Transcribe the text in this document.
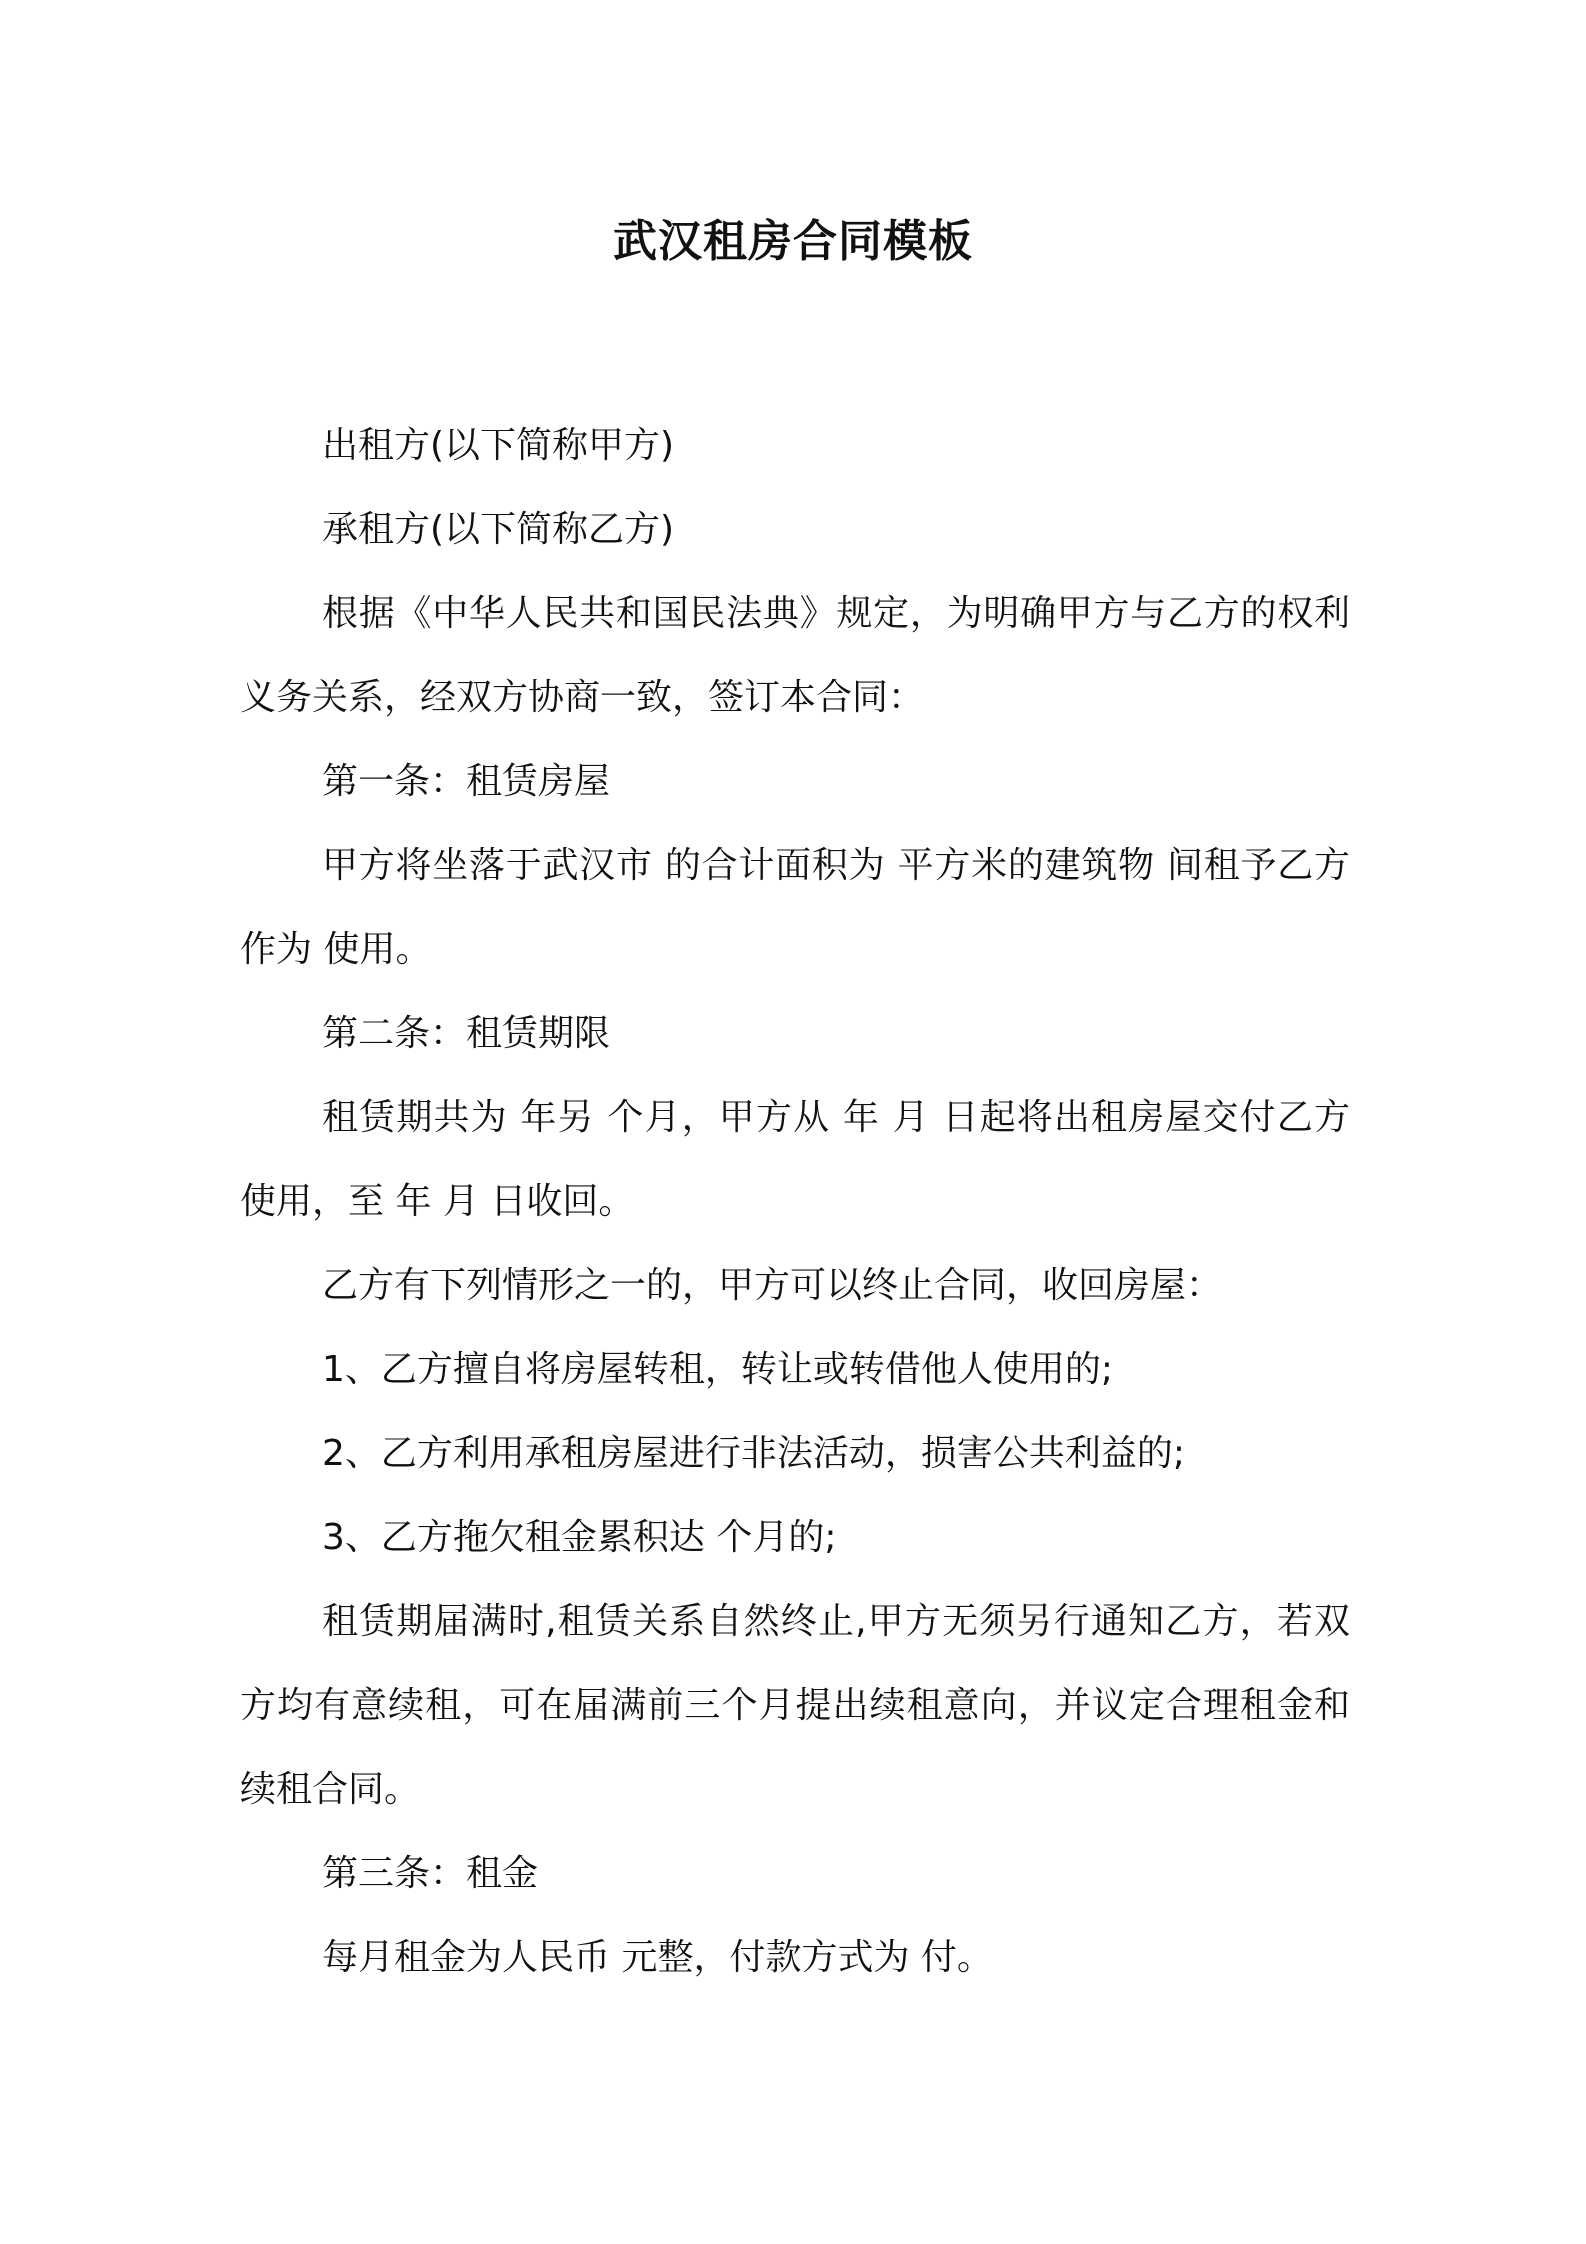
武汉租房合同模板

出租方(以下简称甲方)

承租方(以下简称乙方)

根据《中华人民共和国民法典》规定，为明确甲方与乙方的权利义务关系，经双方协商一致，签订本合同：

第一条：租赁房屋

甲方将坐落于武汉市 的合计面积为 平方米的建筑物 间租予乙方作为 使用。

第二条：租赁期限

租赁期共为 年另 个月，甲方从 年 月 日起将出租房屋交付乙方使用，至 年 月 日收回。

乙方有下列情形之一的，甲方可以终止合同，收回房屋：

1、乙方擅自将房屋转租，转让或转借他人使用的;

2、乙方利用承租房屋进行非法活动，损害公共利益的;

3、乙方拖欠租金累积达 个月的;

租赁期届满时,租赁关系自然终止,甲方无须另行通知乙方，若双方均有意续租，可在届满前三个月提出续租意向，并议定合理租金和续租合同。

第三条：租金

每月租金为人民币 元整，付款方式为 付。
